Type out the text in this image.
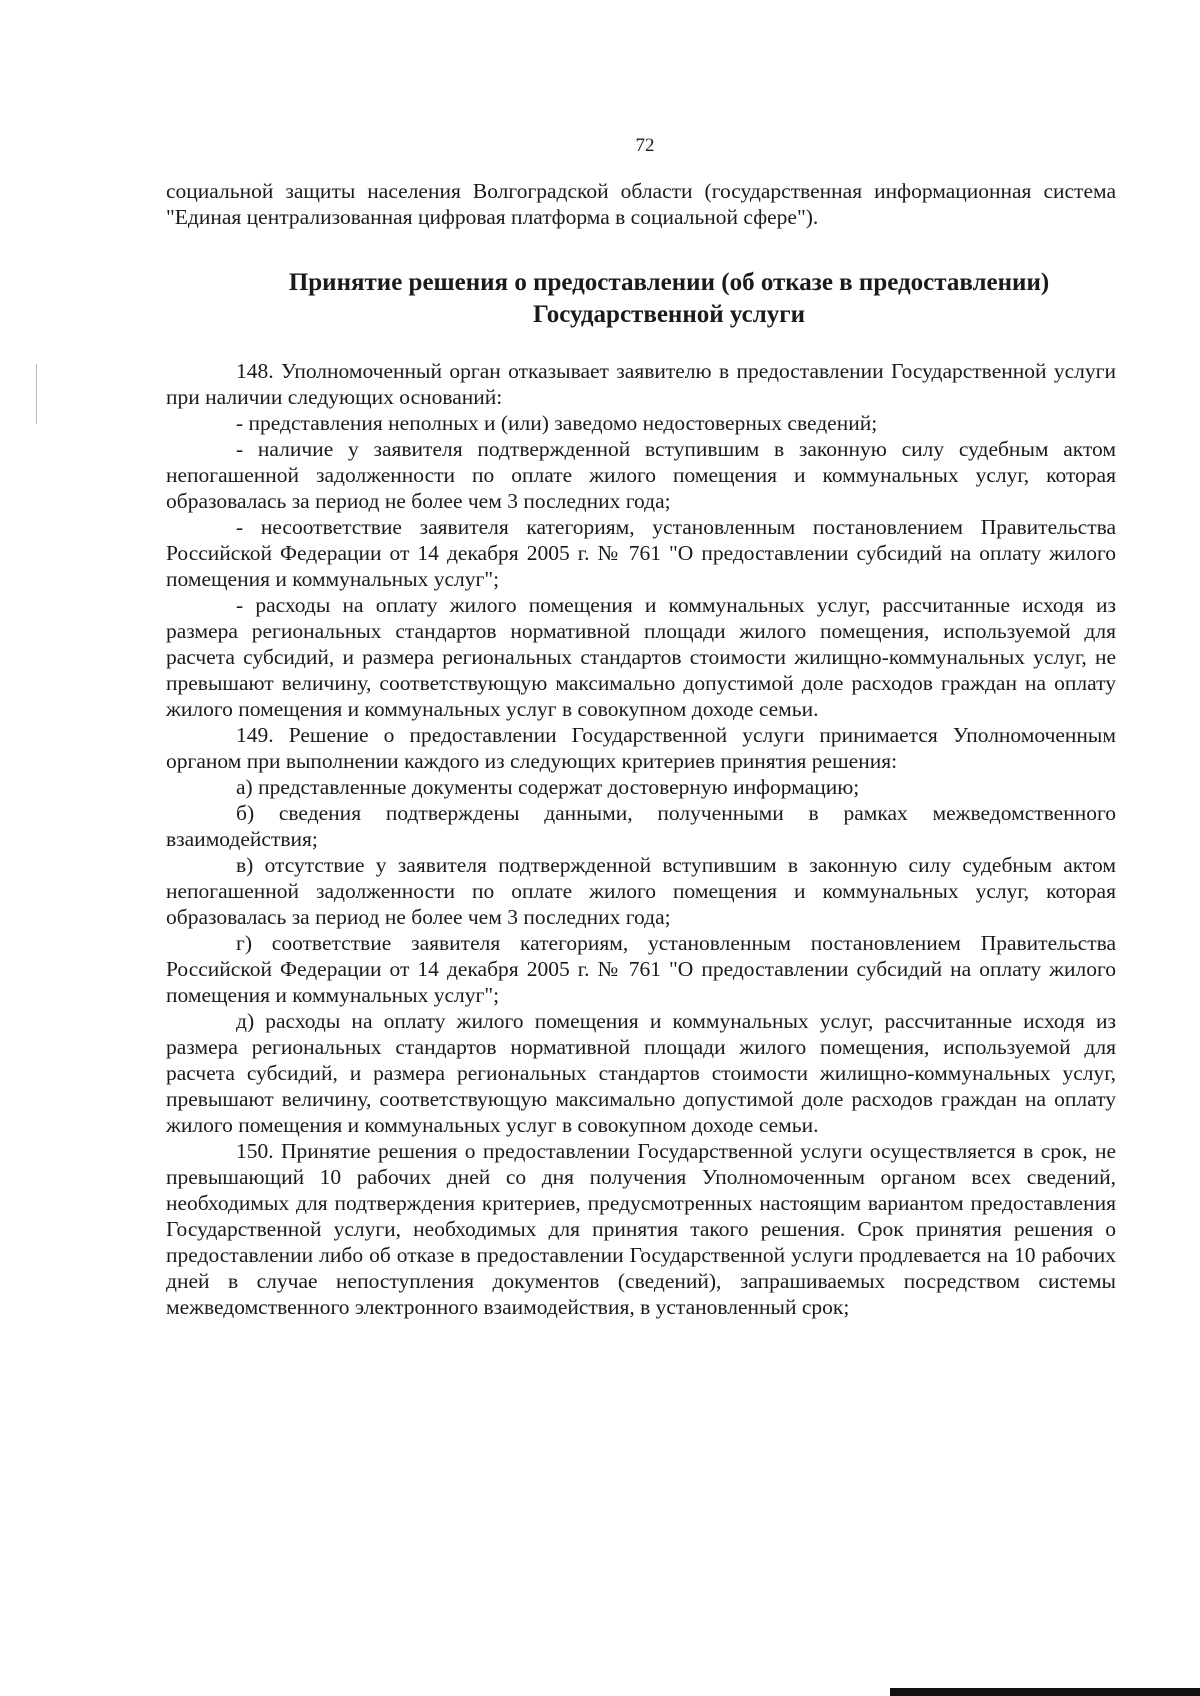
72

социальной защиты населения Волгоградской области (государственная информационная система "Единая централизованная цифровая платформа в социальной сфере").

Принятие решения о предоставлении (об отказе в предоставлении)
Государственной услуги

148. Уполномоченный орган отказывает заявителю в предоставлении Государственной услуги при наличии следующих оснований:

- представления неполных и (или) заведомо недостоверных сведений;

- наличие у заявителя подтвержденной вступившим в законную силу судебным актом непогашенной задолженности по оплате жилого помещения и коммунальных услуг, которая образовалась за период не более чем 3 последних года;

- несоответствие заявителя категориям, установленным постановлением Правительства Российской Федерации от 14 декабря 2005 г. № 761 "О предоставлении субсидий на оплату жилого помещения и коммунальных услуг";

- расходы на оплату жилого помещения и коммунальных услуг, рассчитанные исходя из размера региональных стандартов нормативной площади жилого помещения, используемой для расчета субсидий, и размера региональных стандартов стоимости жилищно-коммунальных услуг, не превышают величину, соответствующую максимально допустимой доле расходов граждан на оплату жилого помещения и коммунальных услуг в совокупном доходе семьи.

149. Решение о предоставлении Государственной услуги принимается Уполномоченным органом при выполнении каждого из следующих критериев принятия решения:

а) представленные документы содержат достоверную информацию;

б) сведения подтверждены данными, полученными в рамках межведомственного взаимодействия;

в) отсутствие у заявителя подтвержденной вступившим в законную силу судебным актом непогашенной задолженности по оплате жилого помещения и коммунальных услуг, которая образовалась за период не более чем 3 последних года;

г) соответствие заявителя категориям, установленным постановлением Правительства Российской Федерации от 14 декабря 2005 г. № 761 "О предоставлении субсидий на оплату жилого помещения и коммунальных услуг";

д) расходы на оплату жилого помещения и коммунальных услуг, рассчитанные исходя из размера региональных стандартов нормативной площади жилого помещения, используемой для расчета субсидий, и размера региональных стандартов стоимости жилищно-коммунальных услуг, превышают величину, соответствующую максимально допустимой доле расходов граждан на оплату жилого помещения и коммунальных услуг в совокупном доходе семьи.

150. Принятие решения о предоставлении Государственной услуги осуществляется в срок, не превышающий 10 рабочих дней со дня получения Уполномоченным органом всех сведений, необходимых для подтверждения критериев, предусмотренных настоящим вариантом предоставления Государственной услуги, необходимых для принятия такого решения. Срок принятия решения о предоставлении либо об отказе в предоставлении Государственной услуги продлевается на 10 рабочих дней в случае непоступления документов (сведений), запрашиваемых посредством системы межведомственного электронного взаимодействия, в установленный срок;
